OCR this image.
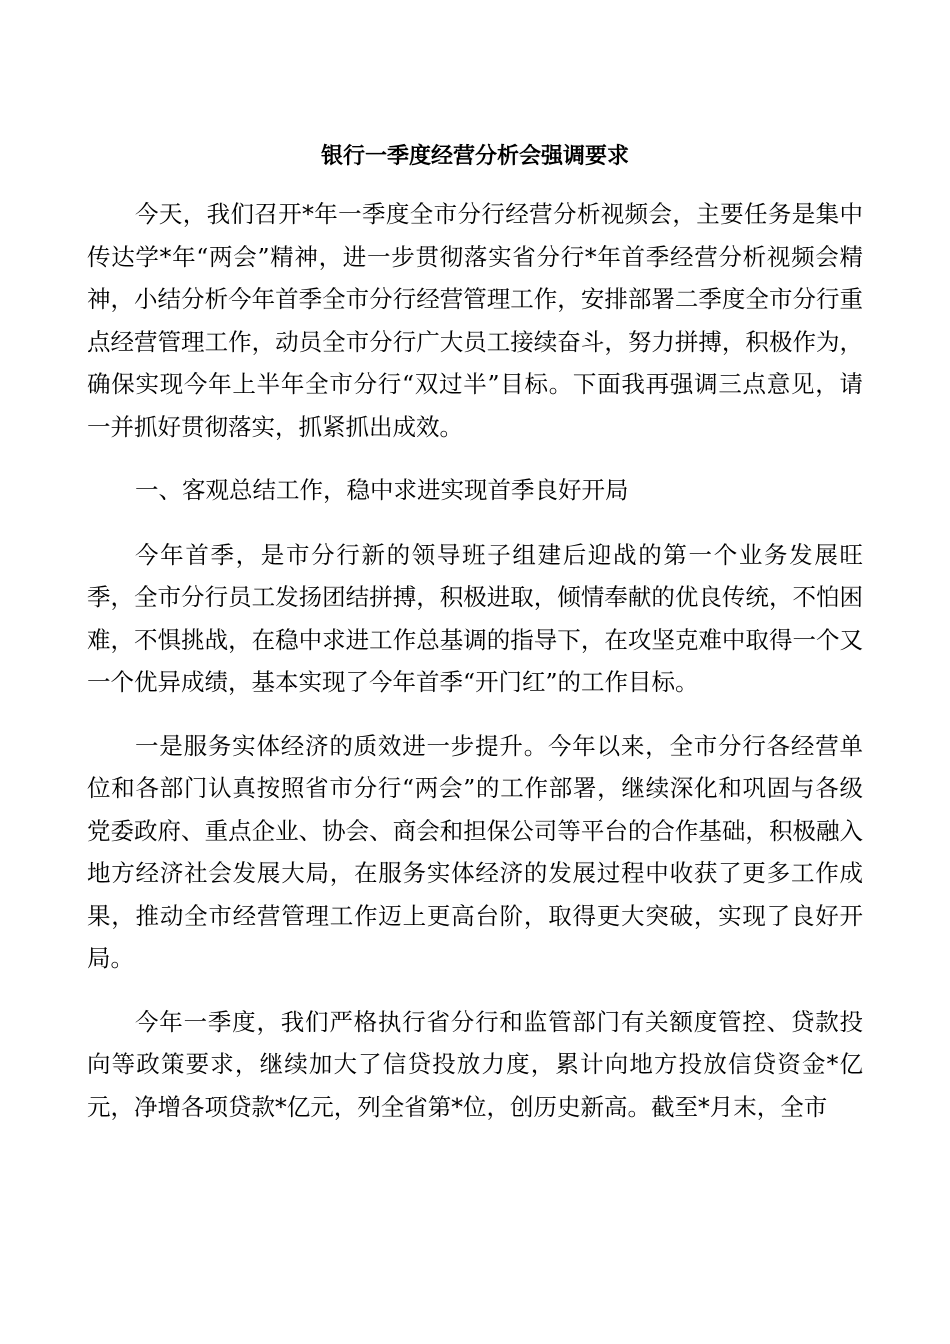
银行一季度经营分析会强调要求

今天，我们召开*年一季度全市分行经营分析视频会，主要任务是集中传达学*年“两会”精神，进一步贯彻落实省分行*年首季经营分析视频会精神，小结分析今年首季全市分行经营管理工作，安排部署二季度全市分行重点经营管理工作，动员全市分行广大员工接续奋斗，努力拼搏，积极作为，确保实现今年上半年全市分行“双过半”目标。下面我再强调三点意见，请一并抓好贯彻落实，抓紧抓出成效。

一、客观总结工作，稳中求进实现首季良好开局

今年首季，是市分行新的领导班子组建后迎战的第一个业务发展旺季，全市分行员工发扬团结拼搏，积极进取，倾情奉献的优良传统，不怕困难，不惧挑战，在稳中求进工作总基调的指导下，在攻坚克难中取得一个又一个优异成绩，基本实现了今年首季“开门红”的工作目标。

一是服务实体经济的质效进一步提升。今年以来，全市分行各经营单位和各部门认真按照省市分行“两会”的工作部署，继续深化和巩固与各级党委政府、重点企业、协会、商会和担保公司等平台的合作基础，积极融入地方经济社会发展大局，在服务实体经济的发展过程中收获了更多工作成果，推动全市经营管理工作迈上更高台阶，取得更大突破，实现了良好开局。

今年一季度，我们严格执行省分行和监管部门有关额度管控、贷款投向等政策要求，继续加大了信贷投放力度，累计向地方投放信贷资金*亿元，净增各项贷款*亿元，列全省第*位，创历史新高。截至*月末，全市
